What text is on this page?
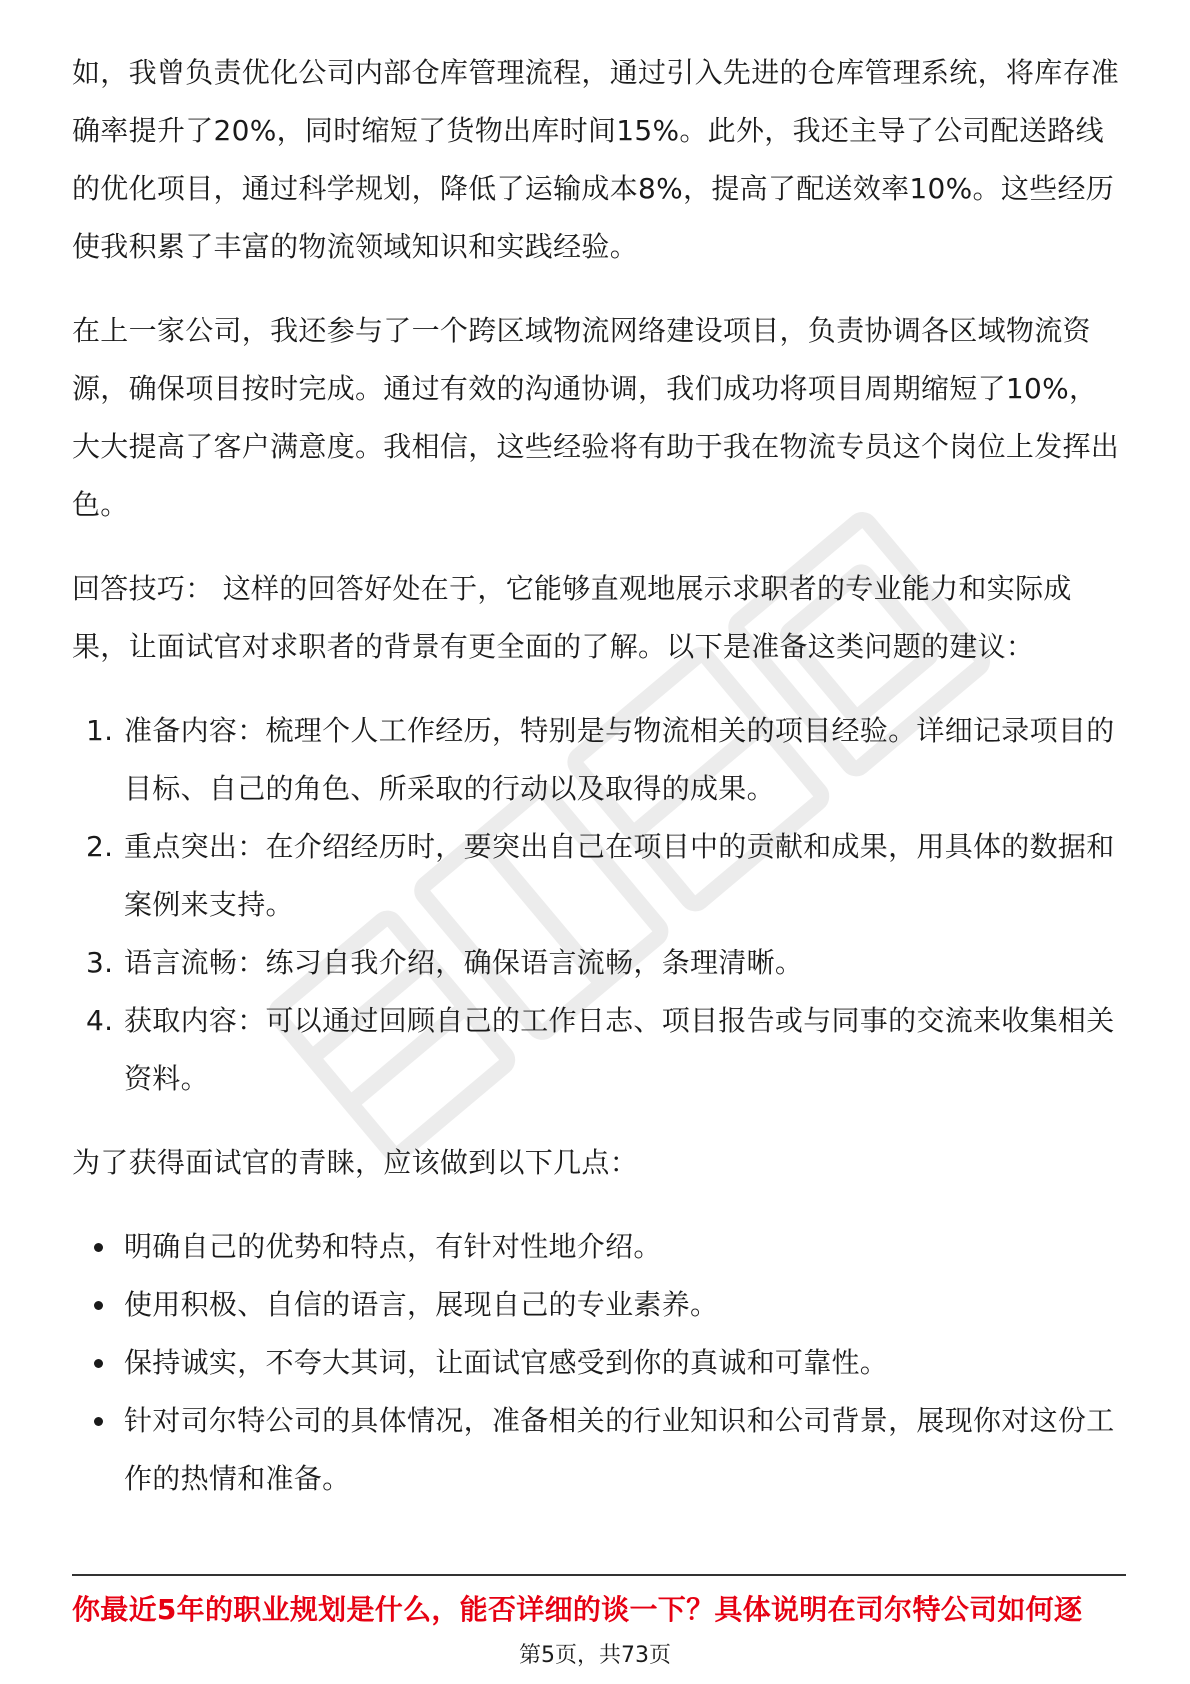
如，我曾负责优化公司内部仓库管理流程，通过引入先进的仓库管理系统，将库存准确率提升了20%，同时缩短了货物出库时间15%。此外，我还主导了公司配送路线的优化项目，通过科学规划，降低了运输成本8%，提高了配送效率10%。这些经历使我积累了丰富的物流领域知识和实践经验。

在上一家公司，我还参与了一个跨区域物流网络建设项目，负责协调各区域物流资源，确保项目按时完成。通过有效的沟通协调，我们成功将项目周期缩短了10%，大大提高了客户满意度。我相信，这些经验将有助于我在物流专员这个岗位上发挥出色。

回答技巧： 这样的回答好处在于，它能够直观地展示求职者的专业能力和实际成果，让面试官对求职者的背景有更全面的了解。以下是准备这类问题的建议：

1. 准备内容：梳理个人工作经历，特别是与物流相关的项目经验。详细记录项目的目标、自己的角色、所采取的行动以及取得的成果。
2. 重点突出：在介绍经历时，要突出自己在项目中的贡献和成果，用具体的数据和案例来支持。
3. 语言流畅：练习自我介绍，确保语言流畅，条理清晰。
4. 获取内容：可以通过回顾自己的工作日志、项目报告或与同事的交流来收集相关资料。

为了获得面试官的青睐，应该做到以下几点：

明确自己的优势和特点，有针对性地介绍。
使用积极、自信的语言，展现自己的专业素养。
保持诚实，不夸大其词，让面试官感受到你的真诚和可靠性。
针对司尔特公司的具体情况，准备相关的行业知识和公司背景，展现你对这份工作的热情和准备。
你最近5年的职业规划是什么，能否详细的谈一下？具体说明在司尔特公司如何逐
第5页，共73页
